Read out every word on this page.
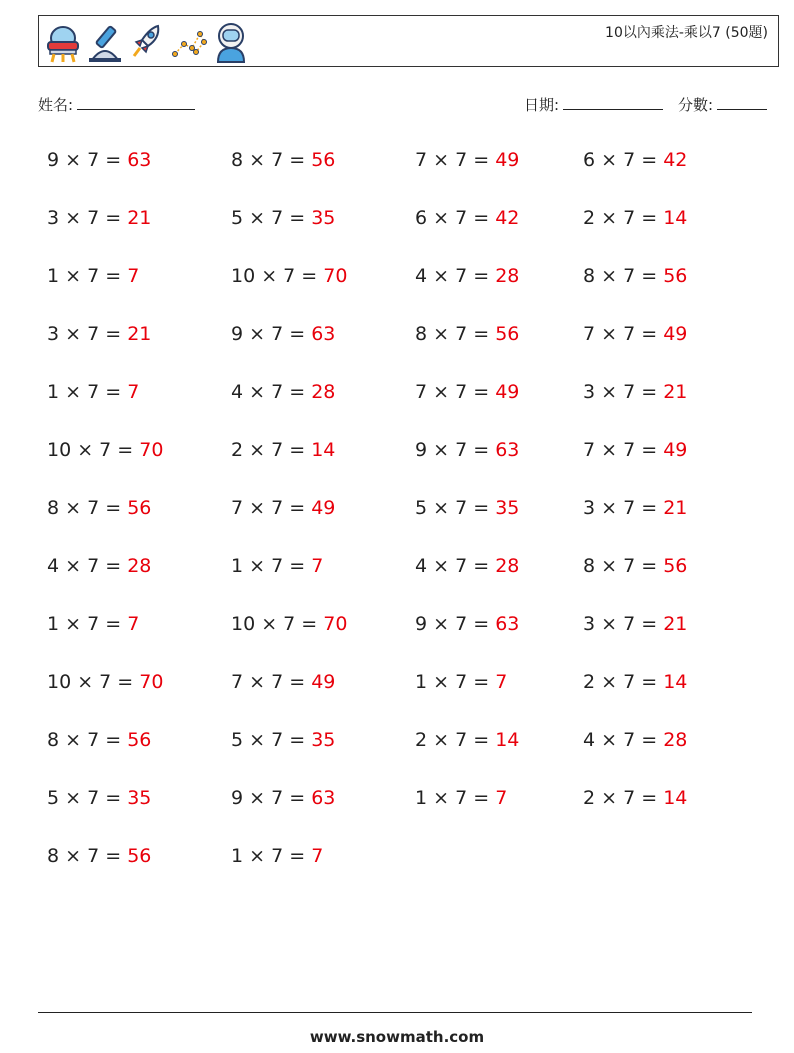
10以內乘法-乘以7 (50題)
姓名:	日期:	分數:
9 × 7 = 63	8 × 7 = 56	7 × 7 = 49	6 × 7 = 42
3 × 7 = 21	5 × 7 = 35	6 × 7 = 42	2 × 7 = 14
1 × 7 = 7	10 × 7 = 70	4 × 7 = 28	8 × 7 = 56
3 × 7 = 21	9 × 7 = 63	8 × 7 = 56	7 × 7 = 49
1 × 7 = 7	4 × 7 = 28	7 × 7 = 49	3 × 7 = 21
10 × 7 = 70	2 × 7 = 14	9 × 7 = 63	7 × 7 = 49
8 × 7 = 56	7 × 7 = 49	5 × 7 = 35	3 × 7 = 21
4 × 7 = 28	1 × 7 = 7	4 × 7 = 28	8 × 7 = 56
1 × 7 = 7	10 × 7 = 70	9 × 7 = 63	3 × 7 = 21
10 × 7 = 70	7 × 7 = 49	1 × 7 = 7	2 × 7 = 14
8 × 7 = 56	5 × 7 = 35	2 × 7 = 14	4 × 7 = 28
5 × 7 = 35	9 × 7 = 63	1 × 7 = 7	2 × 7 = 14
8 × 7 = 56	1 × 7 = 7
www.snowmath.com
